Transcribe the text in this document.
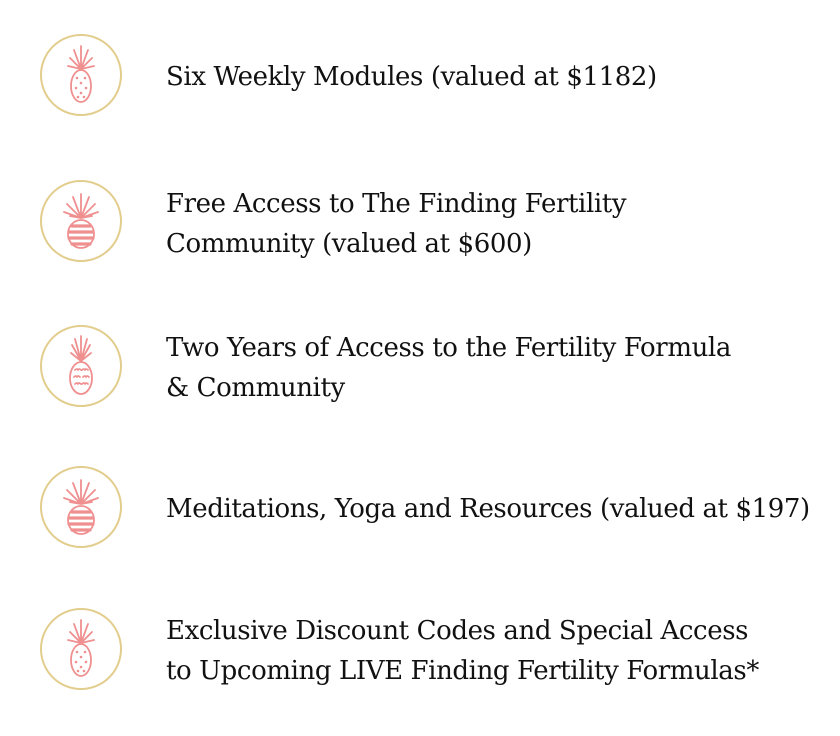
Six Weekly Modules (valued at $1182)
Free Access to The Finding Fertility
Community (valued at $600)
Two Years of Access to the Fertility Formula
& Community
Meditations, Yoga and Resources (valued at $197)
Exclusive Discount Codes and Special Access
to Upcoming LIVE Finding Fertility Formulas*
